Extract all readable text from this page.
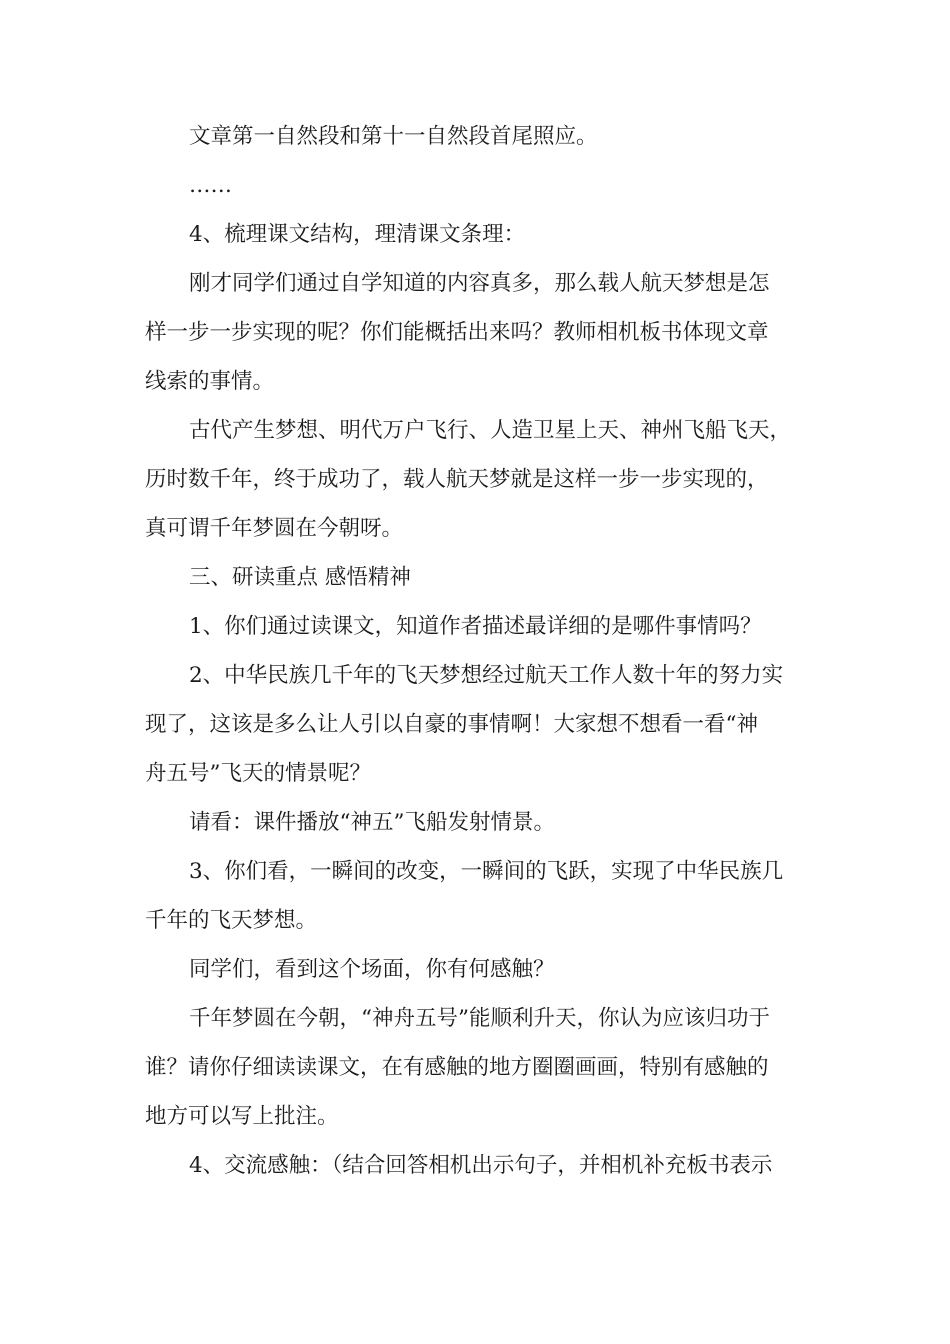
文章第一自然段和第十一自然段首尾照应。
……
4、梳理课文结构，理清课文条理：
刚才同学们通过自学知道的内容真多，那么载人航天梦想是怎
样一步一步实现的呢？你们能概括出来吗？教师相机板书体现文章
线索的事情。
古代产生梦想、明代万户飞行、人造卫星上天、神州飞船飞天，
历时数千年，终于成功了，载人航天梦就是这样一步一步实现的，
真可谓千年梦圆在今朝呀。
三、研读重点 感悟精神
1、你们通过读课文，知道作者描述最详细的是哪件事情吗？
2、中华民族几千年的飞天梦想经过航天工作人数十年的努力实
现了，这该是多么让人引以自豪的事情啊！大家想不想看一看“神
舟五号”飞天的情景呢？
请看：课件播放“神五”飞船发射情景。
3、你们看，一瞬间的改变，一瞬间的飞跃，实现了中华民族几
千年的飞天梦想。
同学们，看到这个场面，你有何感触？
千年梦圆在今朝，“神舟五号”能顺利升天，你认为应该归功于
谁？请你仔细读读课文，在有感触的地方圈圈画画，特别有感触的
地方可以写上批注。
4、交流感触：（结合回答相机出示句子，并相机补充板书表示
